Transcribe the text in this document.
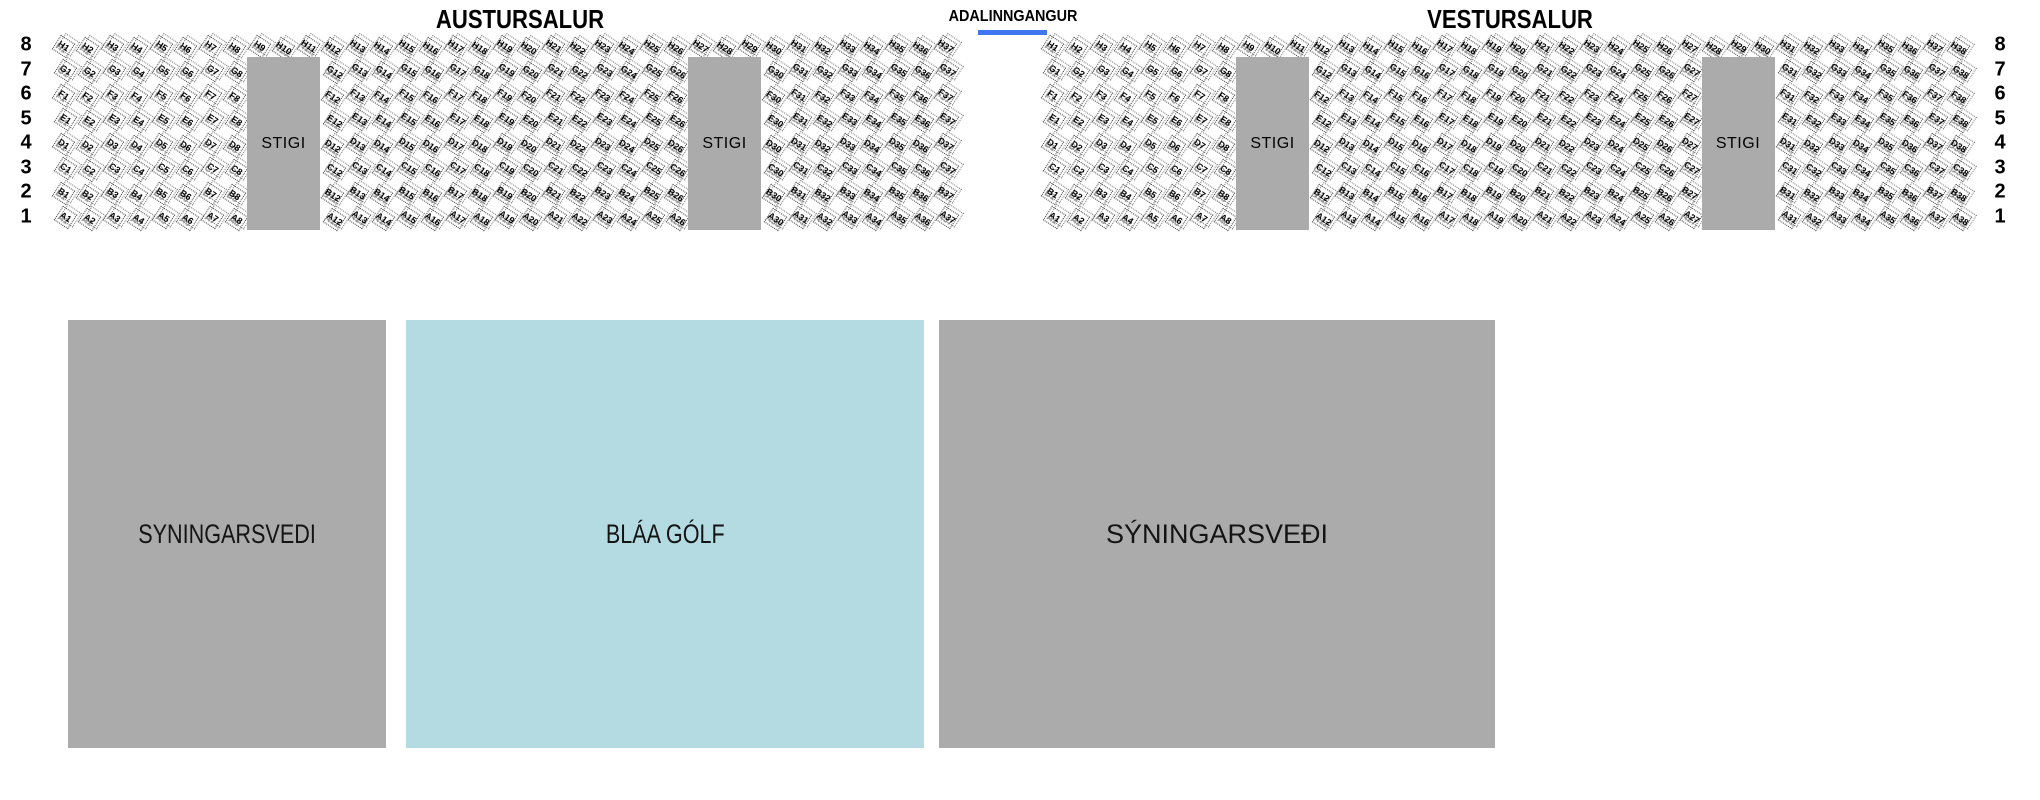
AUSTURSALUR	ADALINNGANGUR	VESTURSALUR
8	8
7	7
6	6
5	5
4	4
3	3
2	2
1	1
H1 H2 H3 H4 H5 H6 H7 H8 H9 H10 H11 H12 H13 H14 H15 H16 H17 H18 H19 H20 H21 H22 H23 H24 H25 H26 H27 H28 H29 H30 H31 H32 H33 H34 H35 H36 H37
G1 G2 G3 G4 G5 G6 G7 G8	G12 G13 G14 G15 G16 G17 G18 G19 G20 G21 G22 G23 G24 G25 G26	G30 G31 G32 G33 G34 G35 G36 G37
F1 F2 F3 F4 F5 F6 F7 F8	F12 F13 F14 F15 F16 F17 F18 F19 F20 F21 F22 F23 F24 F25 F26	F30 F31 F32 F33 F34 F35 F36 F37
E1 E2 E3 E4 E5 E6 E7 E8	E12 E13 E14 E15 E16 E17 E18 E19 E20 E21 E22 E23 E24 E25 E26	E30 E31 E32 E33 E34 E35 E36 E37
D1 D2 D3 D4 D5 D6 D7 D8	D12 D13 D14 D15 D16 D17 D18 D19 D20 D21 D22 D23 D24 D25 D26	D30 D31 D32 D33 D34 D35 D36 D37
C1 C2 C3 C4 C5 C6 C7 C8	C12 C13 C14 C15 C16 C17 C18 C19 C20 C21 C22 C23 C24 C25 C26	C30 C31 C32 C33 C34 C35 C36 C37
B1 B2 B3 B4 B5 B6 B7 B8	B12 B13 B14 B15 B16 B17 B18 B19 B20 B21 B22 B23 B24 B25 B26	B30 B31 B32 B33 B34 B35 B36 B37
A1 A2 A3 A4 A5 A6 A7 A8	A12 A13 A14 A15 A16 A17 A18 A19 A20 A21 A22 A23 A24 A25 A26	A30 A31 A32 A33 A34 A35 A36 A37
H1 H2 H3 H4 H5 H6 H7 H8 H9 H10 H11 H12 H13 H14 H15 H16 H17 H18 H19 H20 H21 H22 H23 H24 H25 H26 H27 H28 H29 H30 H31 H32 H33 H34 H35 H36 H37 H38
G1 G2 G3 G4 G5 G6 G7 G8	G12 G13 G14 G15 G16 G17 G18 G19 G20 G21 G22 G23 G24 G25 G26 G27	G31 G32 G33 G34 G35 G36 G37 G38
F1 F2 F3 F4 F5 F6 F7 F8	F12 F13 F14 F15 F16 F17 F18 F19 F20 F21 F22 F23 F24 F25 F26 F27	F31 F32 F33 F34 F35 F36 F37 F38
E1 E2 E3 E4 E5 E6 E7 E8	E12 E13 E14 E15 E16 E17 E18 E19 E20 E21 E22 E23 E24 E25 E26 E27	E31 E32 E33 E34 E35 E36 E37 E38
D1 D2 D3 D4 D5 D6 D7 D8	D12 D13 D14 D15 D16 D17 D18 D19 D20 D21 D22 D23 D24 D25 D26 D27	D31 D32 D33 D34 D35 D36 D37 D38
C1 C2 C3 C4 C5 C6 C7 C8	C12 C13 C14 C15 C16 C17 C18 C19 C20 C21 C22 C23 C24 C25 C26 C27	C31 C32 C33 C34 C35 C36 C37 C38
B1 B2 B3 B4 B5 B6 B7 B8	B12 B13 B14 B15 B16 B17 B18 B19 B20 B21 B22 B23 B24 B25 B26 B27	B31 B32 B33 B34 B35 B36 B37 B38
A1 A2 A3 A4 A5 A6 A7 A8	A12 A13 A14 A15 A16 A17 A18 A19 A20 A21 A22 A23 A24 A25 A26 A27	A31 A32 A33 A34 A35 A36 A37 A38
STIGI	STIGI	STIGI	STIGI
SYNINGARSVEDI	BLÁA GÓLF	SÝNINGARSVEÐI
